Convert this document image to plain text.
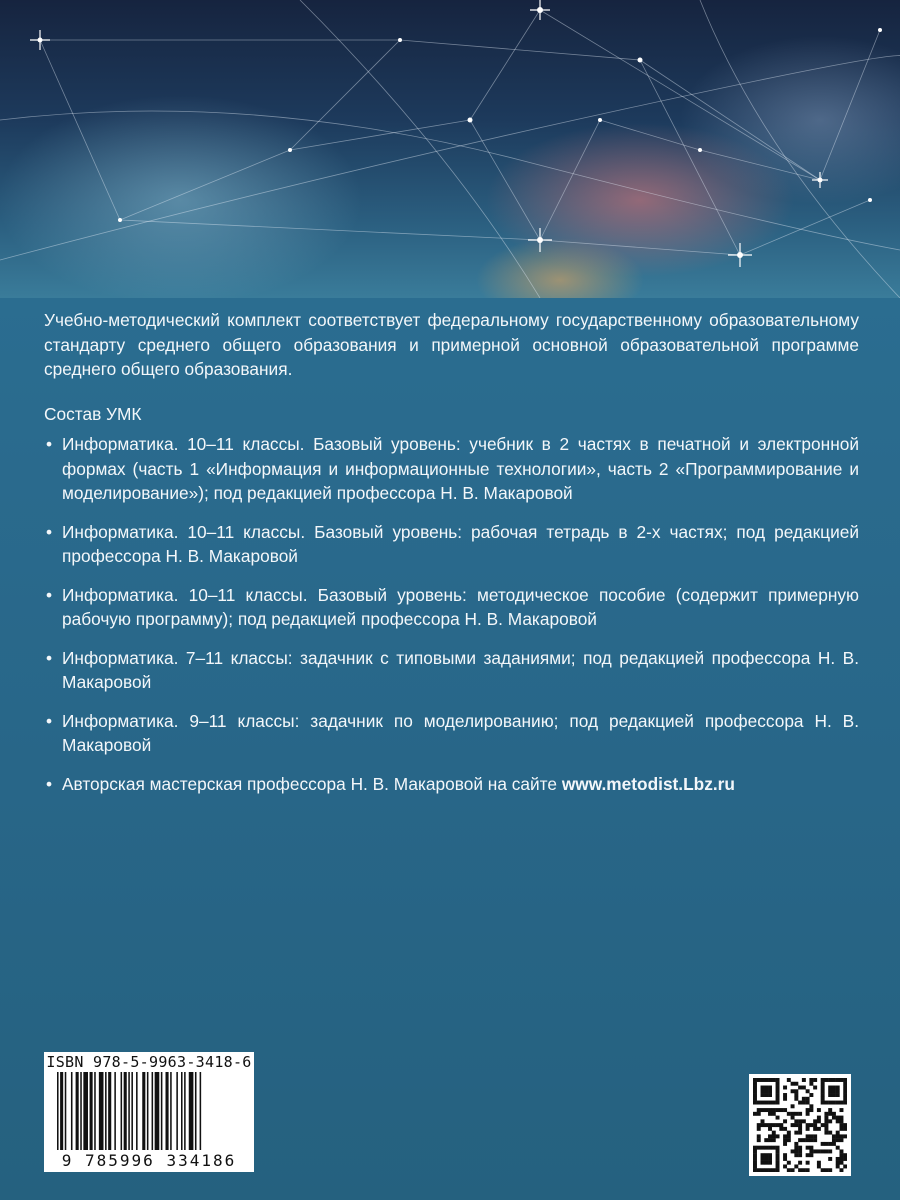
Учебно-методический комплект соответствует федеральному государственному образовательному стандарту среднего общего образования и примерной основной образовательной программе среднего общего образования.

Состав УМК
• Информатика. 10–11 классы. Базовый уровень: учебник в 2 частях в печатной и электронной формах (часть 1 «Информация и информационные технологии», часть 2 «Программирование и моделирование»); под редакцией профессора Н. В. Макаровой
• Информатика. 10–11 классы. Базовый уровень: рабочая тетрадь в 2-х частях; под редакцией профессора Н. В. Макаровой
• Информатика. 10–11 классы. Базовый уровень: методическое пособие (содержит примерную рабочую программу); под редакцией профессора Н. В. Макаровой
• Информатика. 7–11 классы: задачник с типовыми заданиями; под редакцией профессора Н. В. Макаровой
• Информатика. 9–11 классы: задачник по моделированию; под редакцией профессора Н. В. Макаровой
• Авторская мастерская профессора Н. В. Макаровой на сайте www.metodist.Lbz.ru
ISBN 978-5-9963-3418-6
9 785996 334186
